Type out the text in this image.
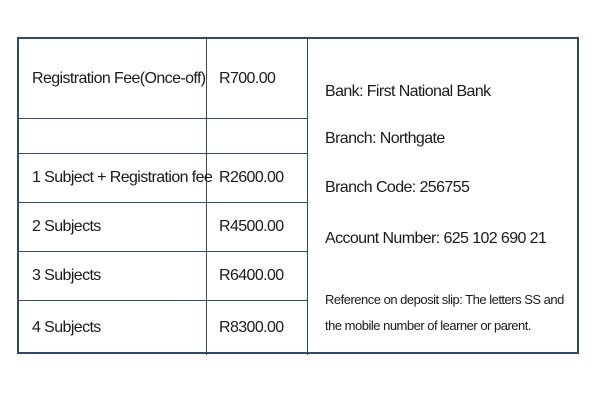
Registration Fee(Once-off)	R700.00

1 Subject + Registration fee	R2600.00
2 Subjects	R4500.00
3 Subjects	R6400.00
4 Subjects	R8300.00
Bank: First National Bank
Branch: Northgate
Branch Code: 256755
Account Number: 625 102 690 21
Reference on deposit slip: The letters SS and the mobile number of learner or parent.
